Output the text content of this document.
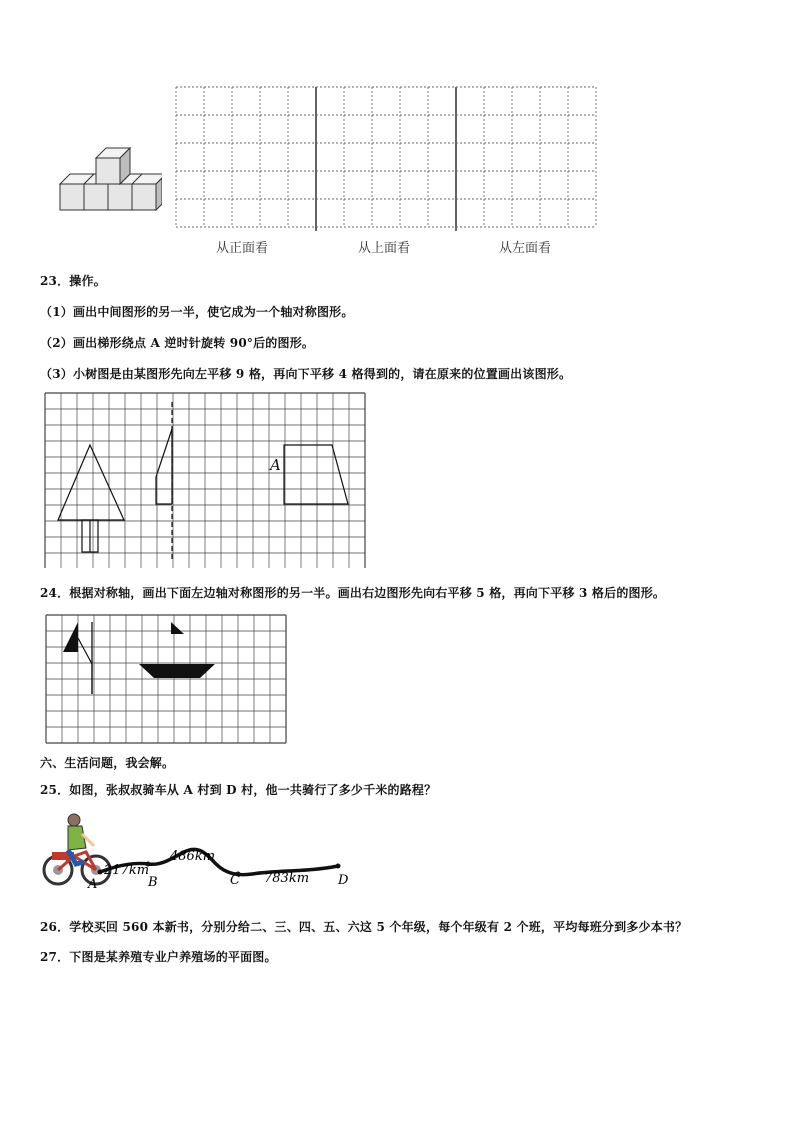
从正面看	从上面看	从左面看
23．操作。
（1）画出中间图形的另一半，使它成为一个轴对称图形。
（2）画出梯形绕点 A 逆时针旋转 90°后的图形。
（3）小树图是由某图形先向左平移 9 格，再向下平移 4 格得到的，请在原来的位置画出该图形。
A
24．根据对称轴，画出下面左边轴对称图形的另一半。画出右边图形先向右平移 5 格，再向下平移 3 格后的图形。
六、生活问题，我会解。
25．如图，张叔叔骑车从 A 村到 D 村，他一共骑行了多少千米的路程？
A	B	C	D
217km
486km
783km
26．学校买回 560 本新书，分别分给二、三、四、五、六这 5 个年级，每个年级有 2 个班，平均每班分到多少本书？
27．下图是某养殖专业户养殖场的平面图。
